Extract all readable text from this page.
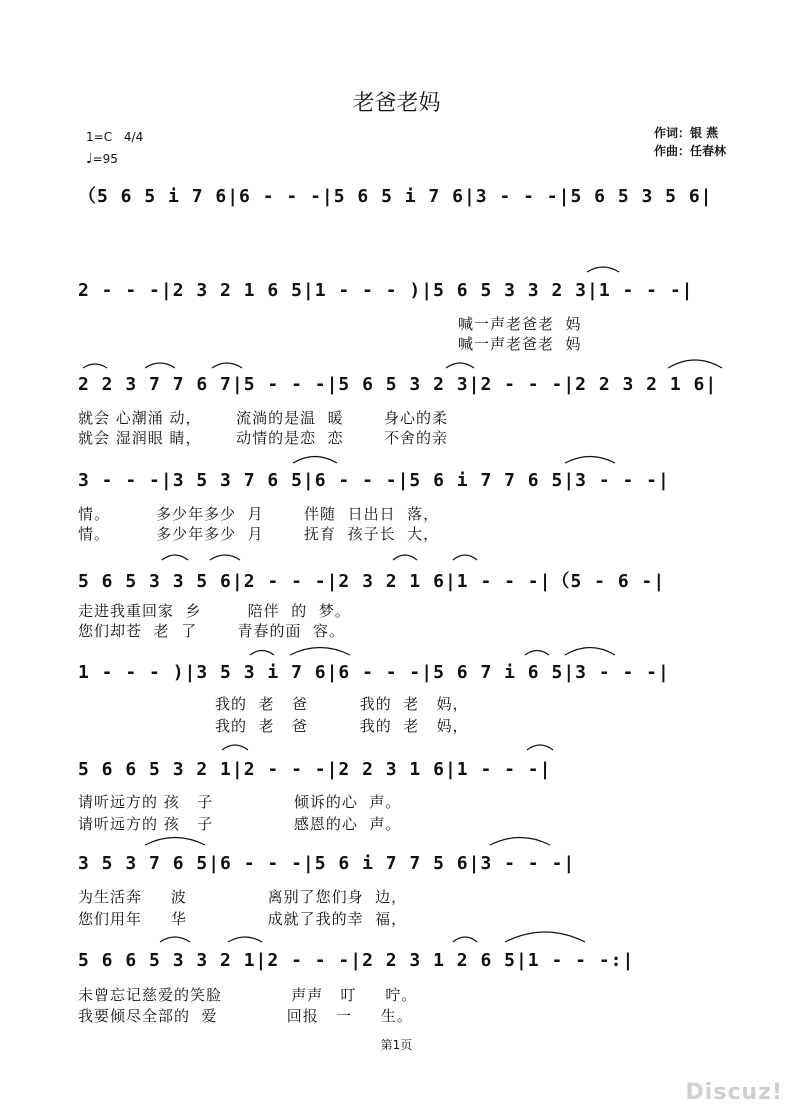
老爸老妈
1=C 4/4
♩=95
作词：银 燕
作曲：任春林
（5 6 5 i 7 6|6 - - -|5 6 5 i 7 6|3 - - -|5 6 5 3 5 6|
2 - - -|2 3 2 1 6 5|1 - - - )|5 6 5 3 3 2 3|1 - - -|
喊一声老爸老  妈
喊一声老爸老  妈
2 2 3 7 7 6 7|5 - - -|5 6 5 3 2 3|2 - - -|2 2 3 2 1 6|
就会 心潮涌 动，      流淌的是温  暖       身心的柔
就会 湿润眼 睛，      动情的是恋  恋       不舍的亲
3 - - -|3 5 3 7 6 5|6 - - -|5 6 i 7 7 6 5|3 - - -|
情。        多少年多少  月       伴随  日出日  落，
情。        多少年多少  月       抚育  孩子长  大，
5 6 5 3 3 5 6|2 - - -|2 3 2 1 6|1 - - -|（5 - 6 -|
走进我重回家  乡        陪伴  的  梦。
您们却苍  老  了       青春的面  容。
1 - - - )|3 5 3 i 7 6|6 - - -|5 6 7 i 6 5|3 - - -|
我的  老   爸         我的  老   妈，
我的  老   爸         我的  老   妈，
5 6 6 5 3 2 1|2 - - -|2 2 3 1 6|1 - - -|
请听远方的 孩   子              倾诉的心  声。
请听远方的 孩   子              感恩的心  声。
3 5 3 7 6 5|6 - - -|5 6 i 7 7 5 6|3 - - -|
为生活奔     波              离别了您们身  边，
您们用年     华              成就了我的幸  福，
5 6 6 5 3 3 2 1|2 - - -|2 2 3 1 2 6 5|1 - - -:|
未曾忘记慈爱的笑脸            声声   叮     咛。
我要倾尽全部的  爱            回报   一     生。
第1页
Discuz!
